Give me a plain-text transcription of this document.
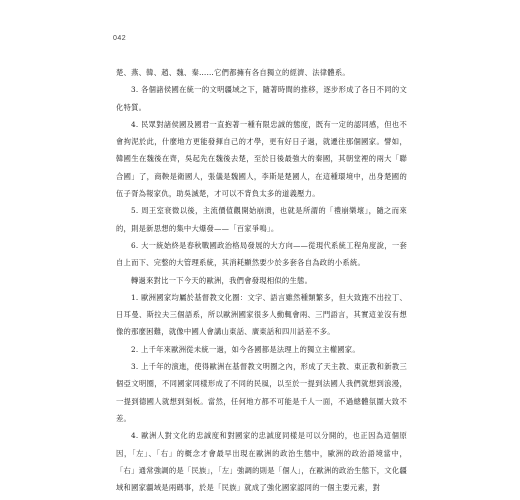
042

楚、燕、韓、趙、魏、秦……它們都擁有各自獨立的經濟、法律體系。

3. 各個諸侯國在統一的文明疆域之下，隨著時間的推移，逐步形成了各日不同的文化特質。

4. 民眾對諸侯國及國君一直抱著一種有限忠誠的態度，既有一定的認同感，但也不會拘泥於此，什麼地方更能發揮自己的才學，更有好日子過，就遷往那個國家。譬如，韓國生在魏後在齊，吳起先在魏後去楚，至於日後最強大的秦國，其朝堂裡的兩大「聯合國」了，商鞅是衛國人，張儀是魏國人，李斯是楚國人，在這種環境中，出身楚國的伍子胥為報家仇，助吳滅楚，才可以不背負太多的道義壓力。

5. 周王室衰微以後，主流價值觀開始崩潰，也就是所謂的「禮崩樂壞」，隨之而來的，則是新思想的集中大爆發——「百家爭鳴」。

6. 大一統始終是春秋戰國政治格局發展的大方向——從現代系統工程角度說，一套自上而下、完整的大管理系統，其消耗顯然要少於多套各自為政的小系統。

轉過來對比一下今天的歐洲，我們會發現相似的生態。

1. 歐洲國家均屬於基督教文化圈：文字、語言雖然種類繁多，但大致跑不出拉丁、日耳曼、斯拉夫三個語系，所以歐洲國家很多人動輒會兩、三門語言，其實這並沒有想像的那麼困難，就像中國人會講山東話、廣東話和四川話差不多。

2. 上千年來歐洲從未統一過，如今各國都是法理上的獨立主權國家。

3. 上千年的演進，使得歐洲在基督教文明圈之內，形成了天主教、東正教和新教三個亞文明圈，不同國家同樣形成了不同的民風，以至於一提到法國人我們就想到浪漫，一提到德國人就想到刻板。當然，任何地方都不可能是千人一面，不過總體氛圍大致不差。

4. 歐洲人對文化的忠誠度和對國家的忠誠度同樣是可以分開的，也正因為這個原因，「左」、「右」的概念才會最早出現在歐洲的政治生態中，歐洲的政治語境當中，「右」通常強調的是「民族」，「左」強調的則是「個人」，在歐洲的政治生態下，文化疆域和國家疆域是兩碼事，於是「民族」就成了強化國家認同的一個主要元素，對
